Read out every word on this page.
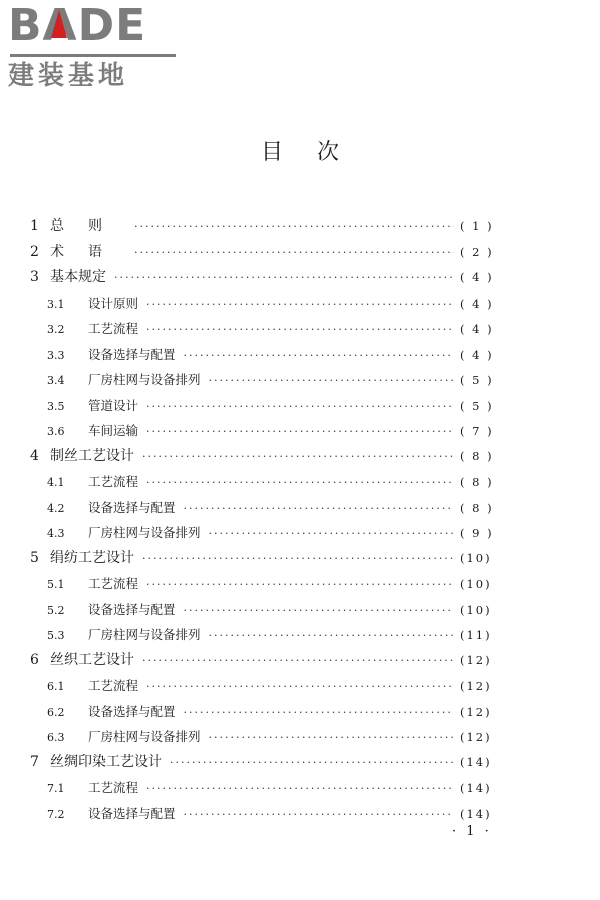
BADE
建装基地
目次
1 总则 ·····	( 1 )
2 术语 ·····	( 2 )
3 基本规定 ·····	( 4 )
3.1	设计原则 ·····	( 4 )
3.2	工艺流程 ·····	( 4 )
3.3	设备选择与配置 ·····	( 4 )
3.4	厂房柱网与设备排列 ·····	( 5 )
3.5	管道设计 ·····	( 5 )
3.6	车间运输 ·····	( 7 )
4 制丝工艺设计 ·····	( 8 )
4.1	工艺流程 ·····	( 8 )
4.2	设备选择与配置 ·····	( 8 )
4.3	厂房柱网与设备排列 ·····	( 9 )
5 绢纺工艺设计 ·····	(10)
5.1	工艺流程 ·····	(10)
5.2	设备选择与配置 ·····	(10)
5.3	厂房柱网与设备排列 ·····	(11)
6 丝织工艺设计 ·····	(12)
6.1	工艺流程 ·····	(12)
6.2	设备选择与配置 ·····	(12)
6.3	厂房柱网与设备排列 ·····	(12)
7 丝绸印染工艺设计 ·····	(14)
7.1	工艺流程 ·····	(14)
7.2	设备选择与配置 ·····	(14)
· 1 ·
